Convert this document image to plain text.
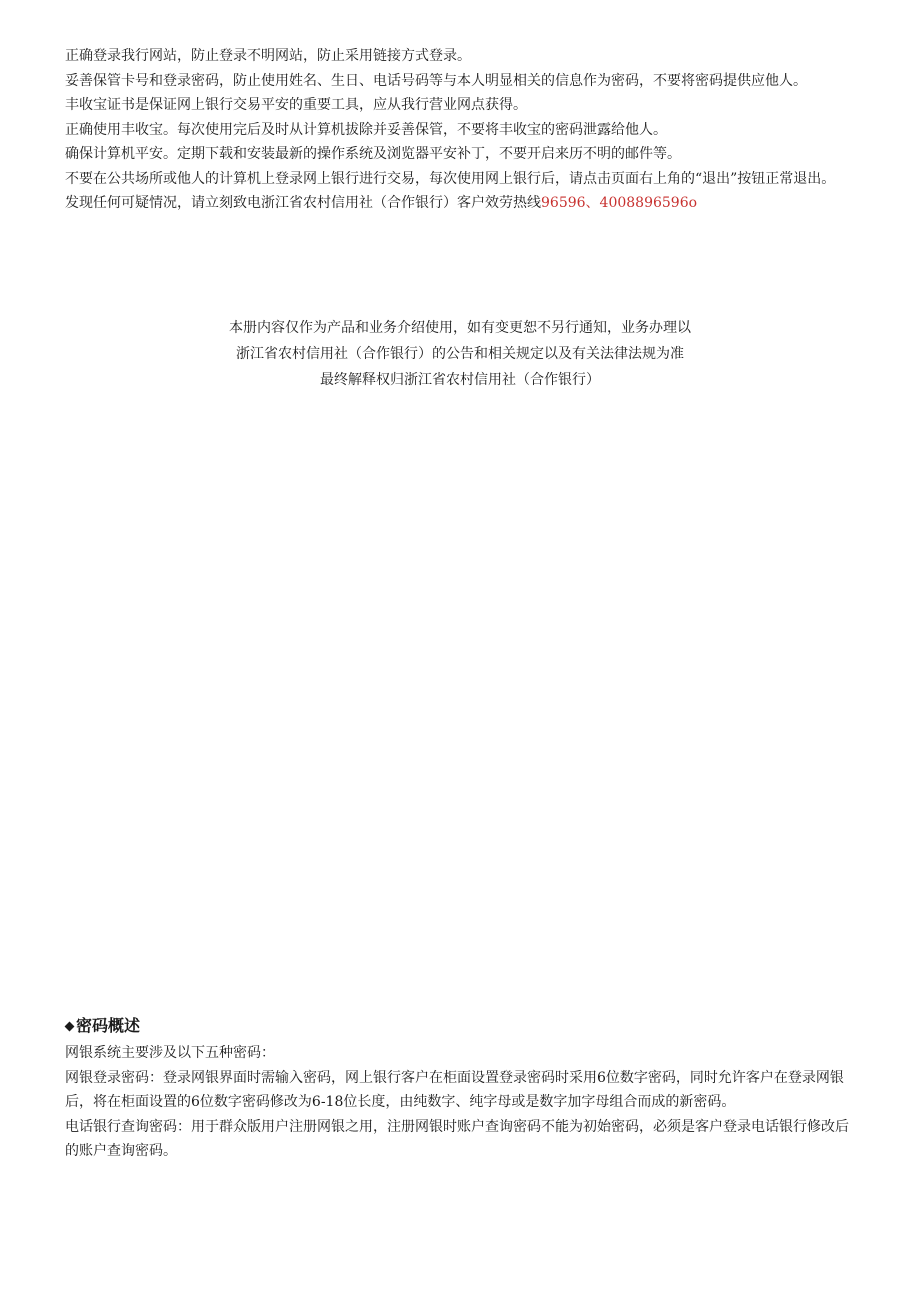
正确登录我行网站，防止登录不明网站，防止采用链接方式登录。

妥善保管卡号和登录密码，防止使用姓名、生日、电话号码等与本人明显相关的信息作为密码，不要将密码提供应他人。

丰收宝证书是保证网上银行交易平安的重要工具，应从我行营业网点获得。

正确使用丰收宝。每次使用完后及时从计算机拔除并妥善保管，不要将丰收宝的密码泄露给他人。

确保计算机平安。定期下载和安装最新的操作系统及浏览器平安补丁，不要开启来历不明的邮件等。

不要在公共场所或他人的计算机上登录网上银行进行交易，每次使用网上银行后，请点击页面右上角的“退出”按钮正常退出。

发现任何可疑情况，请立刻致电浙江省农村信用社（合作银行）客户效劳热线96596、4008896596o

本册内容仅作为产品和业务介绍使用，如有变更恕不另行通知，业务办理以

浙江省农村信用社（合作银行）的公告和相关规定以及有关法律法规为准

最终解释权归浙江省农村信用社（合作银行）

密码概述

网银系统主要涉及以下五种密码：

网银登录密码：登录网银界面时需输入密码，网上银行客户在柜面设置登录密码时采用6位数字密码，同时允许客户在登录网银后，将在柜面设置的6位数字密码修改为6-18位长度，由纯数字、纯字母或是数字加字母组合而成的新密码。

电话银行查询密码：用于群众版用户注册网银之用，注册网银时账户查询密码不能为初始密码，必须是客户登录电话银行修改后的账户查询密码。
